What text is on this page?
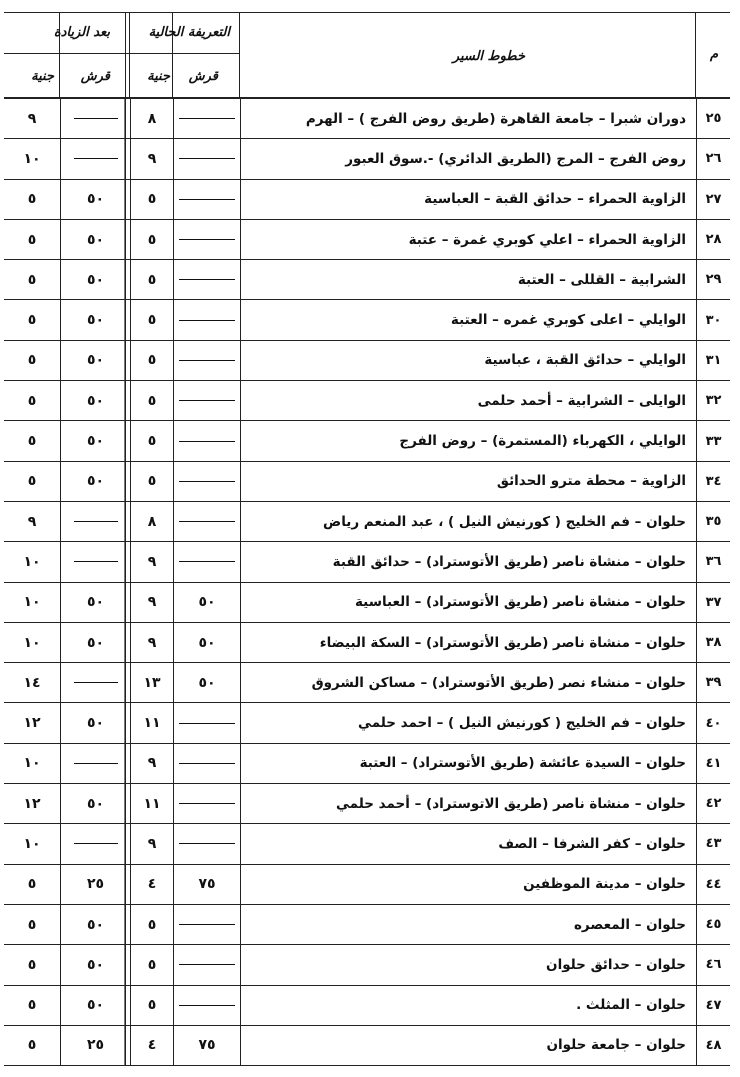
م
خطوط السير
التعريفة الحالية
بعد الزيادة
قرش
جنية
قرش
جنية
٢٥
دوران شبرا – جامعة القاهرة (طريق روض الفرج ) – الهرم
٨
٩
٢٦
روض الفرج – المرج (الطريق الدائري) -.سوق العبور
٩
١٠
٢٧
الزاوية الحمراء – حدائق القبة – العباسية
٥
٥٠
٥
٢٨
الزاوية الحمراء – اعلي كوبري غمرة – عتبة
٥
٥٠
٥
٢٩
الشرابية – القللى – العتبة
٥
٥٠
٥
٣٠
الوايلي – اعلى كوبري غمره – العتبة
٥
٥٠
٥
٣١
الوايلي – حدائق القبة ، عباسية
٥
٥٠
٥
٣٢
الوايلى – الشرابية – أحمد حلمى
٥
٥٠
٥
٣٣
الوايلي ، الكهرباء (المستمرة) – روض الفرج
٥
٥٠
٥
٣٤
الزاوية – محطة مترو الحدائق
٥
٥٠
٥
٣٥
حلوان – فم الخليج ( كورنيش النيل ) ، عبد المنعم رياض
٨
٩
٣٦
حلوان – منشاة ناصر (طريق الأتوستراد) – حدائق القبة
٩
١٠
٣٧
حلوان – منشاة ناصر (طريق الأتوستراد) – العباسية
٥٠
٩
٥٠
١٠
٣٨
حلوان – منشاة ناصر (طريق الأتوستراد) – السكة البيضاء
٥٠
٩
٥٠
١٠
٣٩
حلوان – منشاء نصر (طريق الأتوستراد) – مساكن الشروق
٥٠
١٣
١٤
٤٠
حلوان – فم الخليج ( كورنيش النيل ) – احمد حلمي
١١
٥٠
١٢
٤١
حلوان – السيدة عائشة (طريق الأتوستراد) – العتبة
٩
١٠
٤٢
حلوان – منشاة ناصر (طريق الاتوستراد) – أحمد حلمي
١١
٥٠
١٢
٤٣
حلوان – كفر الشرفا – الصف
٩
١٠
٤٤
حلوان – مدينة الموظفين
٧٥
٤
٢٥
٥
٤٥
حلوان – المعصره
٥
٥٠
٥
٤٦
حلوان – حدائق حلوان
٥
٥٠
٥
٤٧
حلوان – المثلث .
٥
٥٠
٥
٤٨
حلوان – جامعة حلوان
٧٥
٤
٢٥
٥
